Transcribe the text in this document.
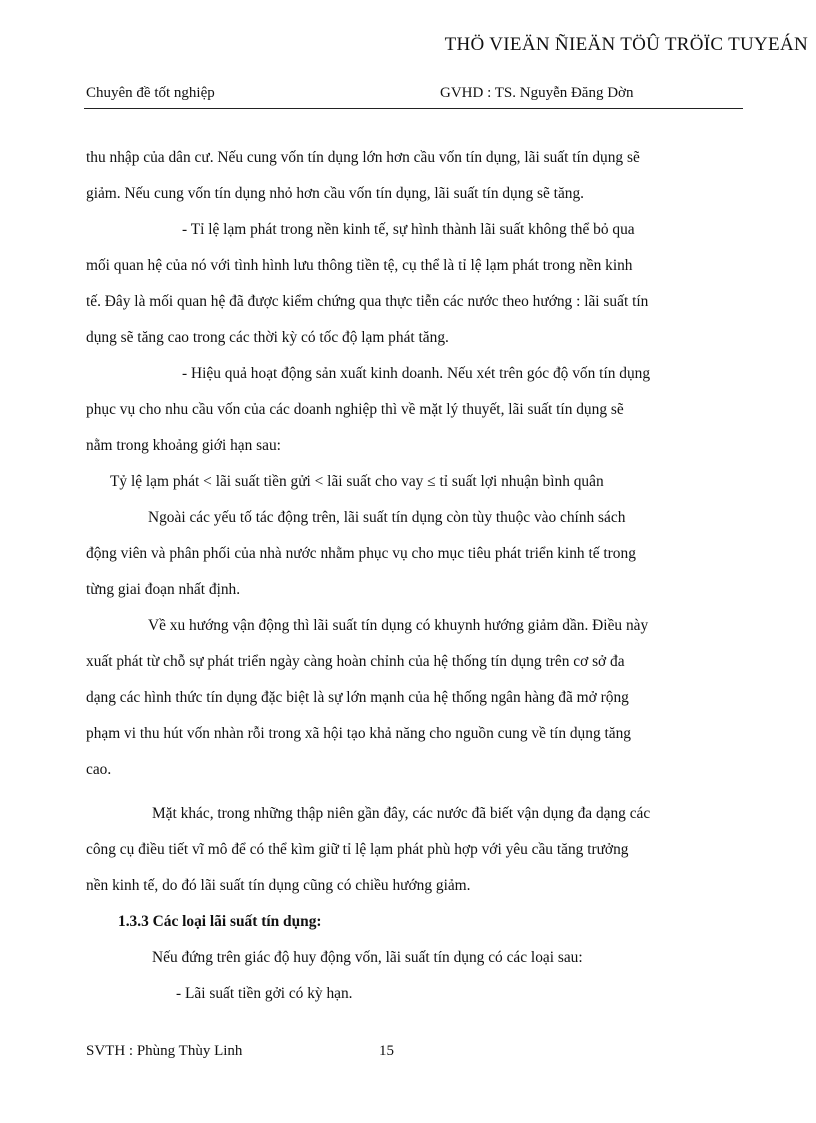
THÖ VIEÄN ÑIEÄN TÖÛ TRÖÏC TUYEÁN
Chuyên đề tốt nghiệp	GVHD : TS. Nguyễn Đăng Dờn
thu nhập của dân cư. Nếu cung vốn tín dụng lớn hơn cầu vốn tín dụng, lãi suất tín dụng sẽ
giảm. Nếu cung vốn tín dụng nhỏ hơn cầu vốn tín dụng, lãi suất tín dụng sẽ tăng.
- Tỉ lệ lạm phát trong nền kinh tế, sự hình thành lãi suất không thể bỏ qua
mối quan hệ của nó với tình hình lưu thông tiền tệ, cụ thể là tỉ lệ lạm phát trong nền kinh
tế. Đây là mối quan hệ đã được kiểm chứng qua thực tiễn các nước theo hướng : lãi suất tín
dụng sẽ tăng cao trong các thời kỳ có tốc độ lạm phát tăng.
- Hiệu quả hoạt động sản xuất kinh doanh. Nếu xét trên góc độ vốn tín dụng
phục vụ cho nhu cầu vốn của các doanh nghiệp thì về mặt lý thuyết, lãi suất tín dụng sẽ
nằm trong khoảng giới hạn sau:
Tỷ lệ lạm phát < lãi suất tiền gửi < lãi suất cho vay ≤ tỉ suất lợi nhuận bình quân
Ngoài các yếu tố tác động trên, lãi suất tín dụng còn tùy thuộc vào chính sách
động viên và phân phối của nhà nước nhằm phục vụ cho mục tiêu phát triển kinh tế trong
từng giai đoạn nhất định.
Về xu hướng vận động thì lãi suất tín dụng có khuynh hướng giảm dần. Điều này
xuất phát từ chỗ sự phát triển ngày càng hoàn chỉnh của hệ thống tín dụng trên cơ sở đa
dạng các hình thức tín dụng đặc biệt là sự lớn mạnh của hệ thống ngân hàng đã mở rộng
phạm vi thu hút vốn nhàn rỗi trong xã hội tạo khả năng cho nguồn cung về tín dụng tăng
cao.
Mặt khác, trong những thập niên gần đây, các nước đã biết vận dụng đa dạng các
công cụ điều tiết vĩ mô để có thể kìm giữ tỉ lệ lạm phát phù hợp với yêu cầu tăng trưởng
nền kinh tế, do đó lãi suất tín dụng cũng có chiều hướng giảm.
1.3.3 Các loại lãi suất tín dụng:
Nếu đứng trên giác độ huy động vốn, lãi suất tín dụng có các loại sau:
- Lãi suất tiền gởi có kỳ hạn.
SVTH : Phùng Thùy Linh	15
